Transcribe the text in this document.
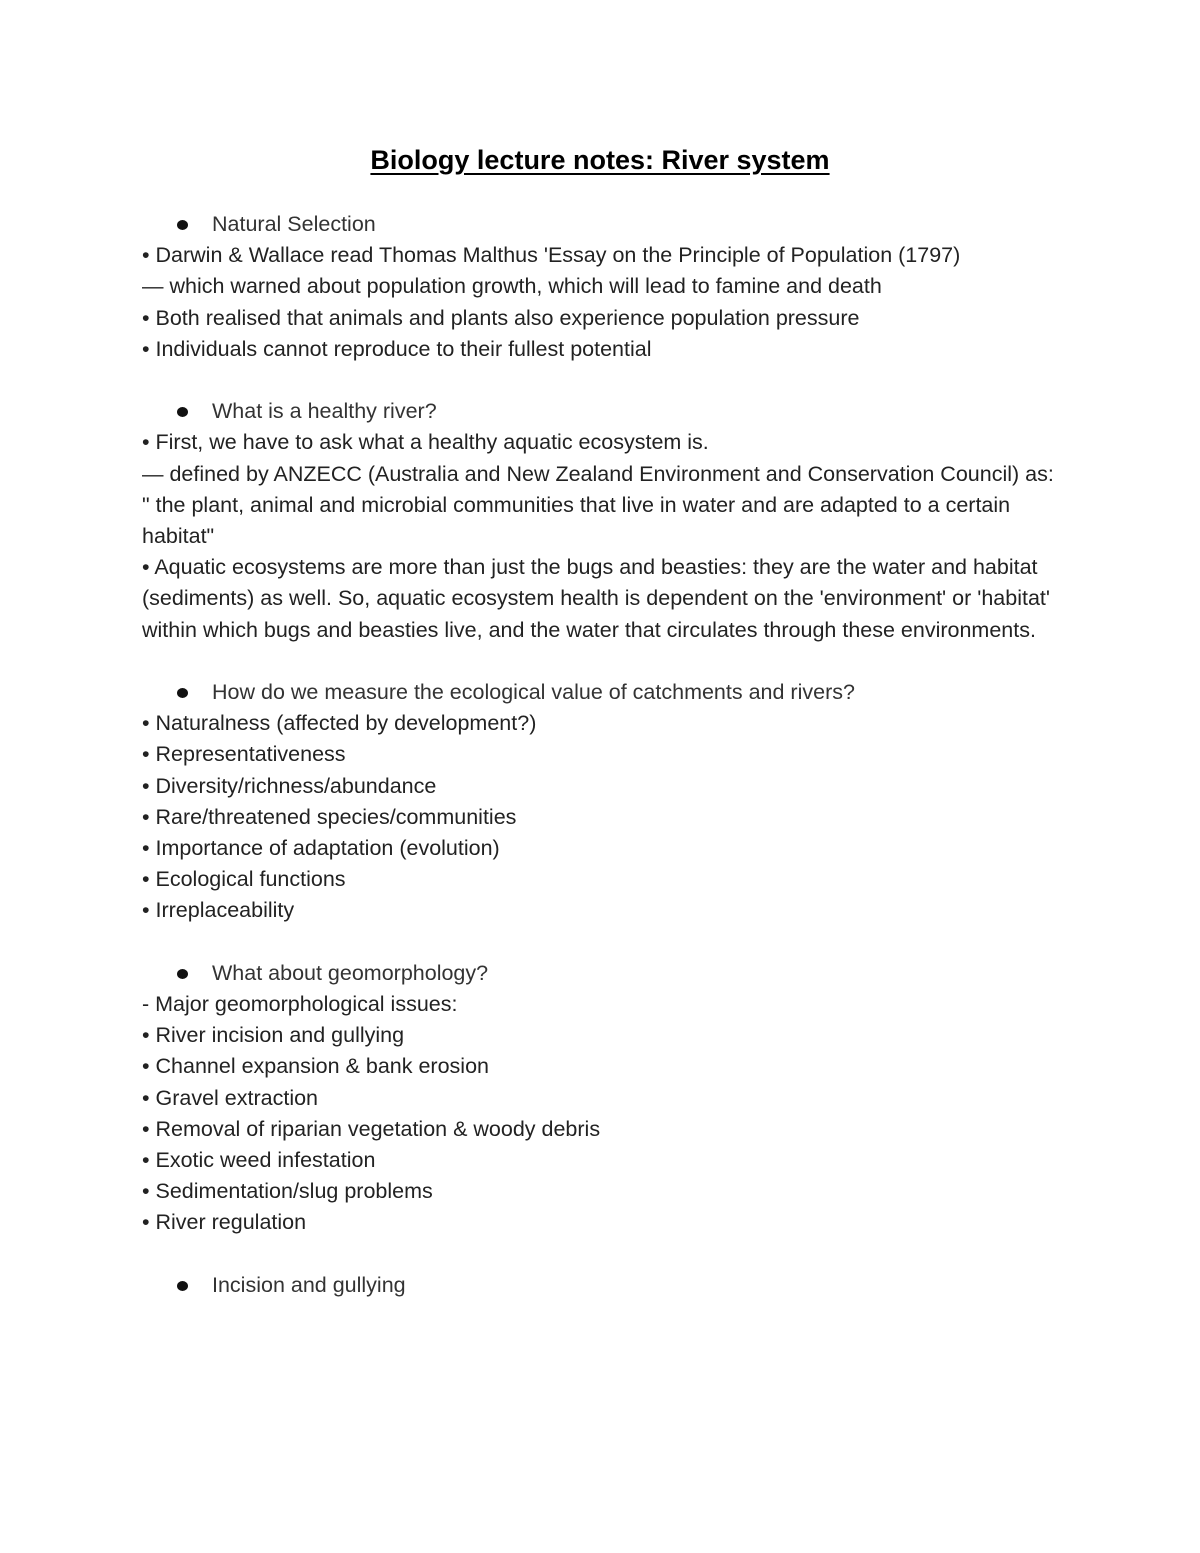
Biology lecture notes: River system
Natural Selection
• Darwin & Wallace read Thomas Malthus 'Essay on the Principle of Population (1797)
— which warned about population growth, which will lead to famine and death
• Both realised that animals and plants also experience population pressure
• Individuals cannot reproduce to their fullest potential
What is a healthy river?
• First, we have to ask what a healthy aquatic ecosystem is.
— defined by ANZECC (Australia and New Zealand Environment and Conservation Council) as:
" the plant, animal and microbial communities that live in water and are adapted to a certain habitat"
• Aquatic ecosystems are more than just the bugs and beasties: they are the water and habitat (sediments) as well. So, aquatic ecosystem health is dependent on the 'environment' or 'habitat' within which bugs and beasties live, and the water that circulates through these environments.
How do we measure the ecological value of catchments and rivers?
• Naturalness (affected by development?)
• Representativeness
• Diversity/richness/abundance
• Rare/threatened species/communities
• Importance of adaptation (evolution)
• Ecological functions
• Irreplaceability
What about geomorphology?
- Major geomorphological issues:
• River incision and gullying
• Channel expansion & bank erosion
• Gravel extraction
• Removal of riparian vegetation & woody debris
• Exotic weed infestation
• Sedimentation/slug problems
• River regulation
Incision and gullying
